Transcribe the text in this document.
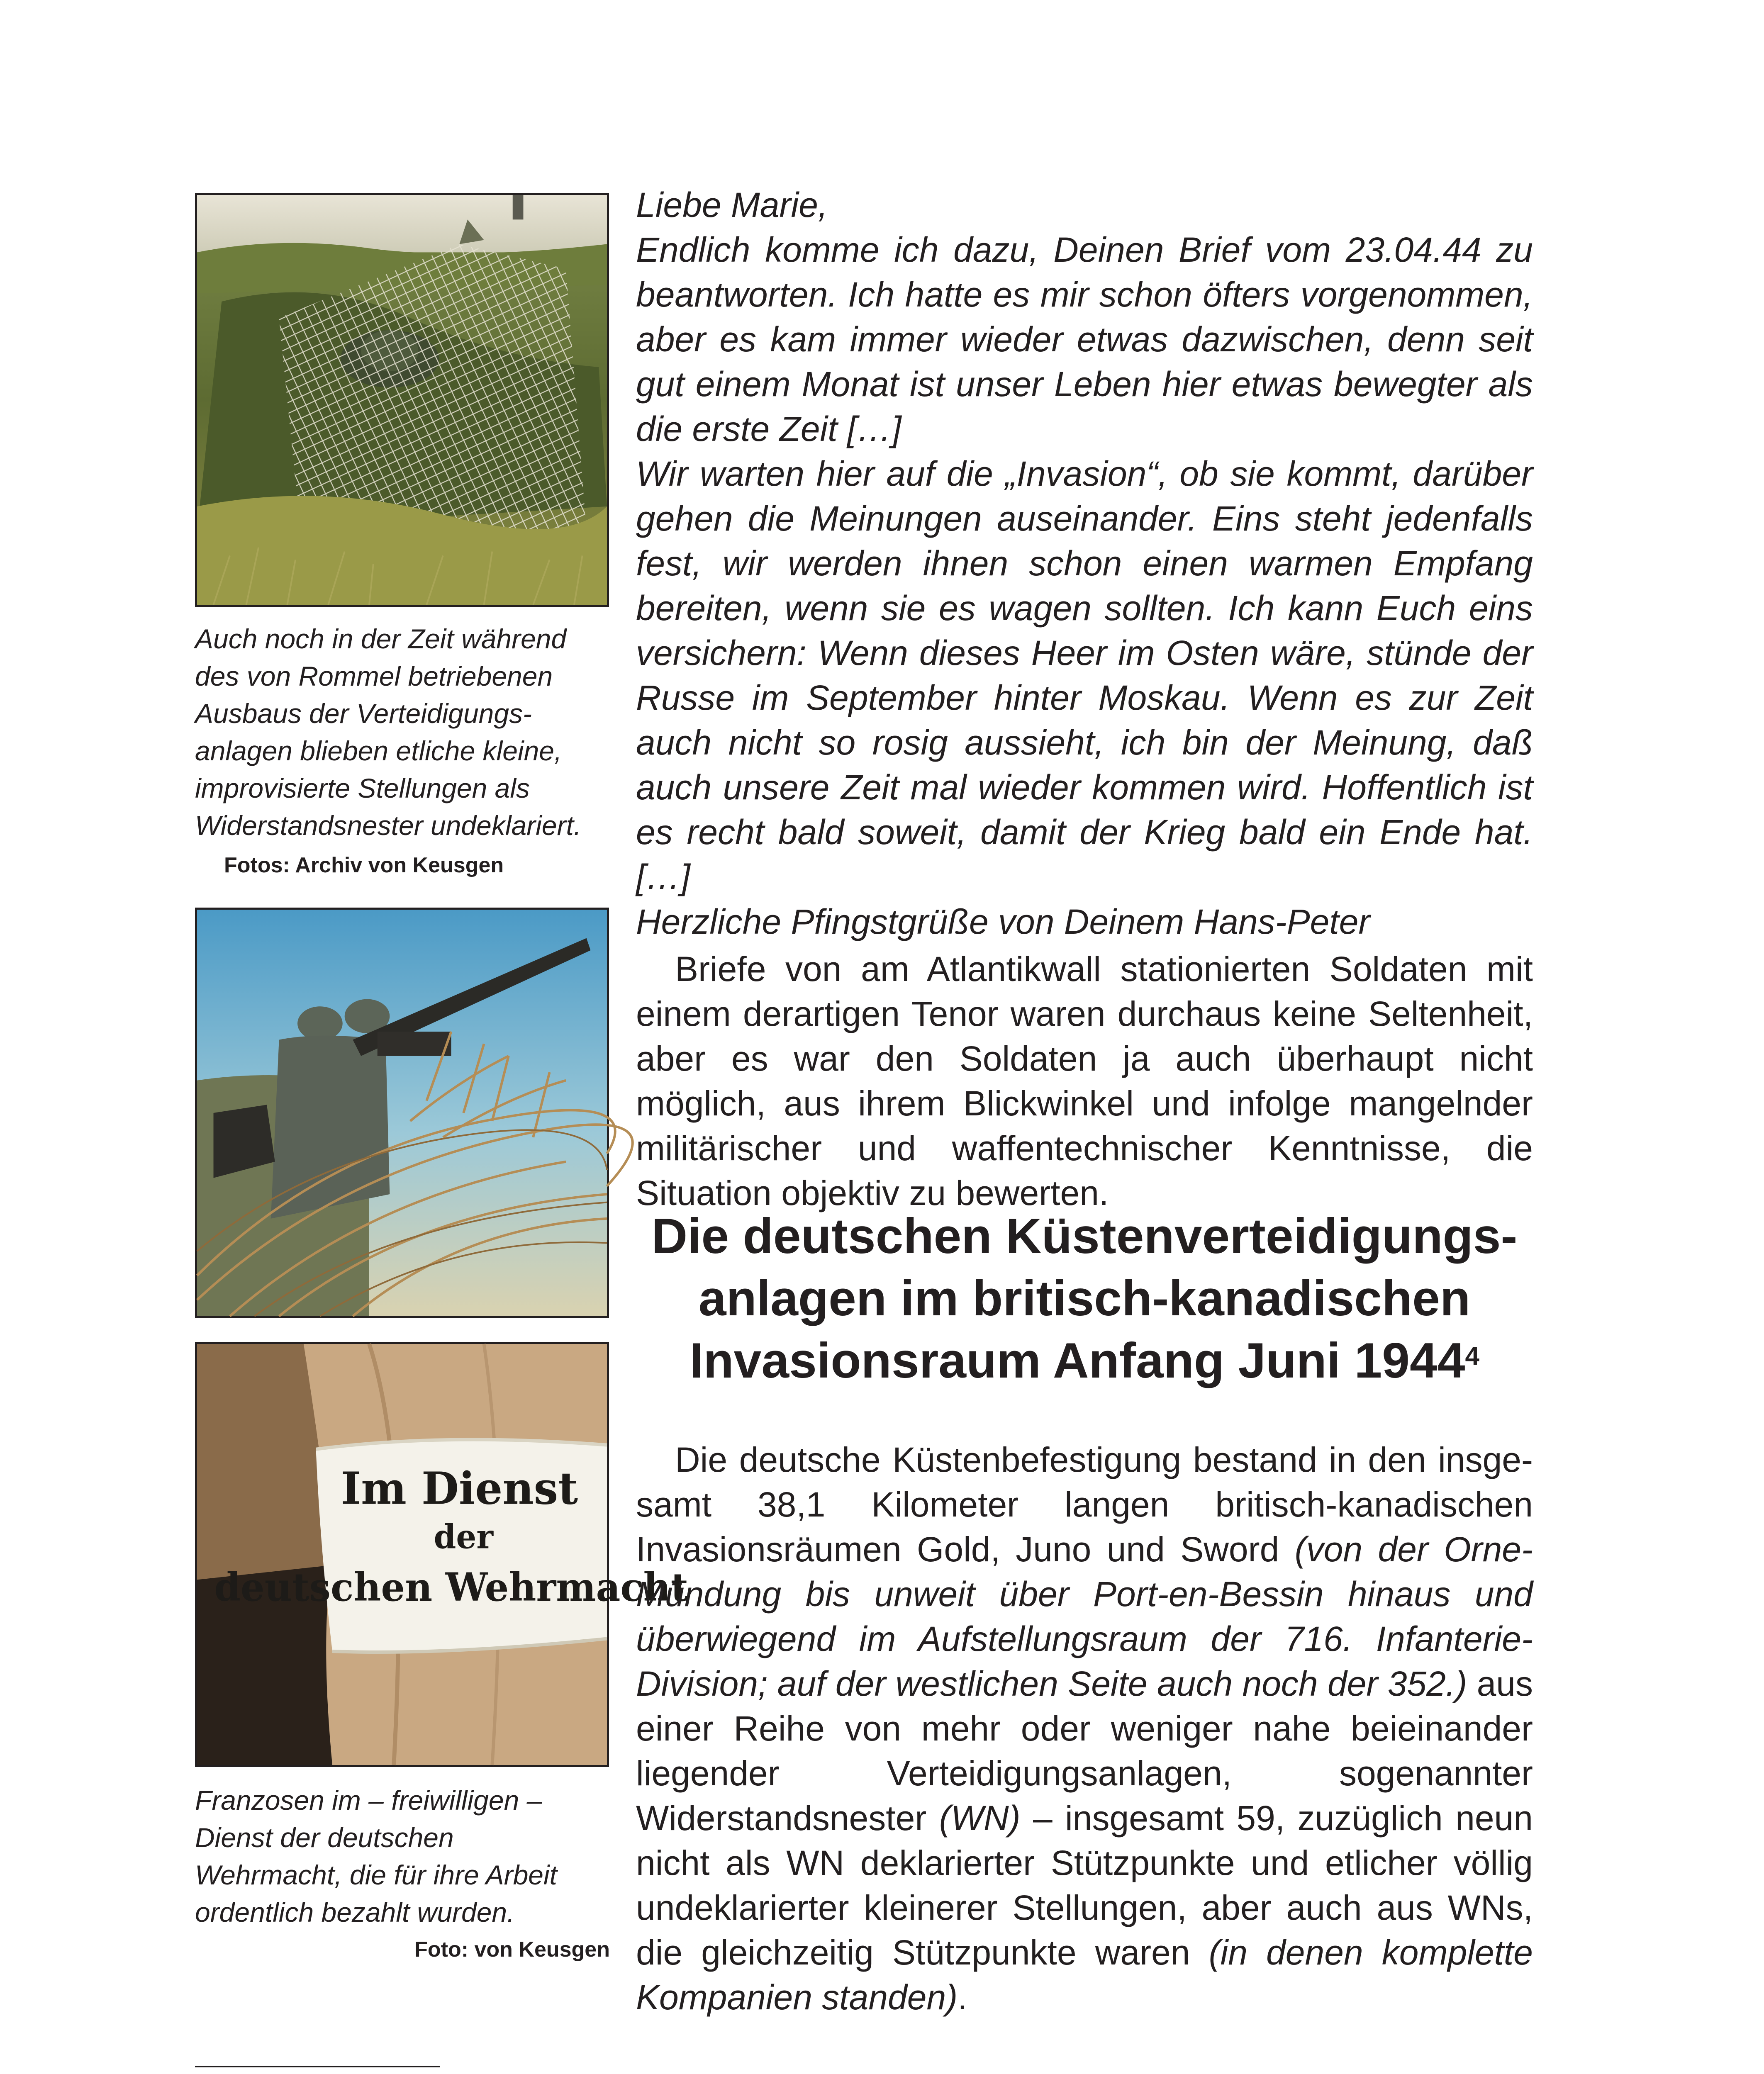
Auch noch in der Zeit während des von Rommel betriebenen Ausbaus der Verteidigungsanlagen blieben etliche kleine, improvisierte Stellungen als Widerstandsnester undeklariert. Fotos: Archiv von Keusgen
Im Dienst
der
deutschen Wehrmacht
Franzosen im – freiwilligen – Dienst der deutschen Wehrmacht, die für ihre Arbeit ordentlich bezahlt wurden.
Foto: von Keusgen

Liebe Marie,

Endlich komme ich dazu, Deinen Brief vom 23.04.44 zu beantworten. Ich hatte es mir schon öfters vorgenommen, aber es kam immer wieder etwas dazwischen, denn seit gut einem Monat ist unser Leben hier etwas bewegter als die erste Zeit […]

Wir warten hier auf die „Invasion“, ob sie kommt, darüber gehen die Meinungen auseinander. Eins steht jedenfalls fest, wir werden ihnen schon einen warmen Empfang bereiten, wenn sie es wagen sollten. Ich kann Euch eins versichern: Wenn dieses Heer im Osten wäre, stünde der Russe im September hinter Moskau. Wenn es zur Zeit auch nicht so rosig aussieht, ich bin der Meinung, daß auch unsere Zeit mal wieder kommen wird. Hoffentlich ist es recht bald soweit, damit der Krieg bald ein Ende hat. […]

Herzliche Pfingstgrüße von Deinem Hans-Peter

Briefe von am Atlantikwall stationierten Soldaten mit einem derartigen Tenor waren durchaus keine Seltenheit, aber es war den Soldaten ja auch überhaupt nicht möglich, aus ihrem Blickwinkel und infolge mangelnder militärischer und waffentechnischer Kenntnisse, die Situation objektiv zu bewerten.

Die deutschen Küstenverteidigungsanlagen im britisch-kanadischen Invasionsraum Anfang Juni 1944$^4$

Die deutsche Küstenbefestigung bestand in den insgesamt 38,1 Kilometer langen britisch-kanadischen Invasionsräumen Gold, Juno und Sword (von der Orne-Mündung bis unweit über Port-en-Bessin hinaus und überwiegend im Aufstellungsraum der 716. Infanterie-Division; auf der westlichen Seite auch noch der 352.) aus einer Reihe von mehr oder weniger nahe beieinander liegender Verteidigungsanlagen, sogenannter Widerstandsnester (WN) – insgesamt 59, zuzüglich neun nicht als WN deklarierter Stützpunkte und etlicher völlig undeklarierter kleinerer Stellungen, aber auch aus WNs, die gleichzeitig Stützpunkte waren (in denen komplette Kompanien standen).
